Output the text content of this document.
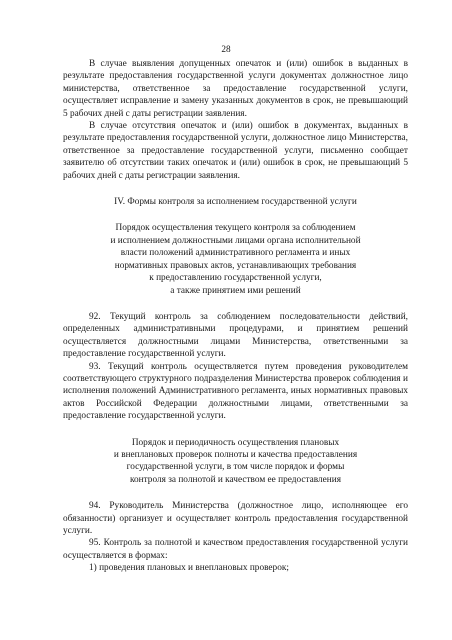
28

В случае выявления допущенных опечаток и (или) ошибок в выданных в результате предоставления государственной услуги документах должностное лицо министерства, ответственное за предоставление государственной услуги, осуществляет исправление и замену указанных документов в срок, не превышающий 5 рабочих дней с даты регистрации заявления.

В случае отсутствия опечаток и (или) ошибок в документах, выданных в результате предоставления государственной услуги, должностное лицо Министерства, ответственное за предоставление государственной услуги, письменно сообщает заявителю об отсутствии таких опечаток и (или) ошибок в срок, не превышающий 5 рабочих дней с даты регистрации заявления.

IV. Формы контроля за исполнением государственной услуги

Порядок осуществления текущего контроля за соблюдением
и исполнением должностными лицами органа исполнительной
власти положений административного регламента и иных
нормативных правовых актов, устанавливающих требования
к предоставлению государственной услуги,
а также принятием ими решений

92. Текущий контроль за соблюдением последовательности действий, определенных административными процедурами, и принятием решений осуществляется должностными лицами Министерства, ответственными за предоставление государственной услуги.

93. Текущий контроль осуществляется путем проведения руководителем соответствующего структурного подразделения Министерства проверок соблюдения и исполнения положений Административного регламента, иных нормативных правовых актов Российской Федерации должностными лицами, ответственными за предоставление государственной услуги.

Порядок и периодичность осуществления плановых
и внеплановых проверок полноты и качества предоставления
государственной услуги, в том числе порядок и формы
контроля за полнотой и качеством ее предоставления

94. Руководитель Министерства (должностное лицо, исполняющее его обязанности) организует и осуществляет контроль предоставления государственной услуги.

95. Контроль за полнотой и качеством предоставления государственной услуги осуществляется в формах:

1) проведения плановых и внеплановых проверок;
